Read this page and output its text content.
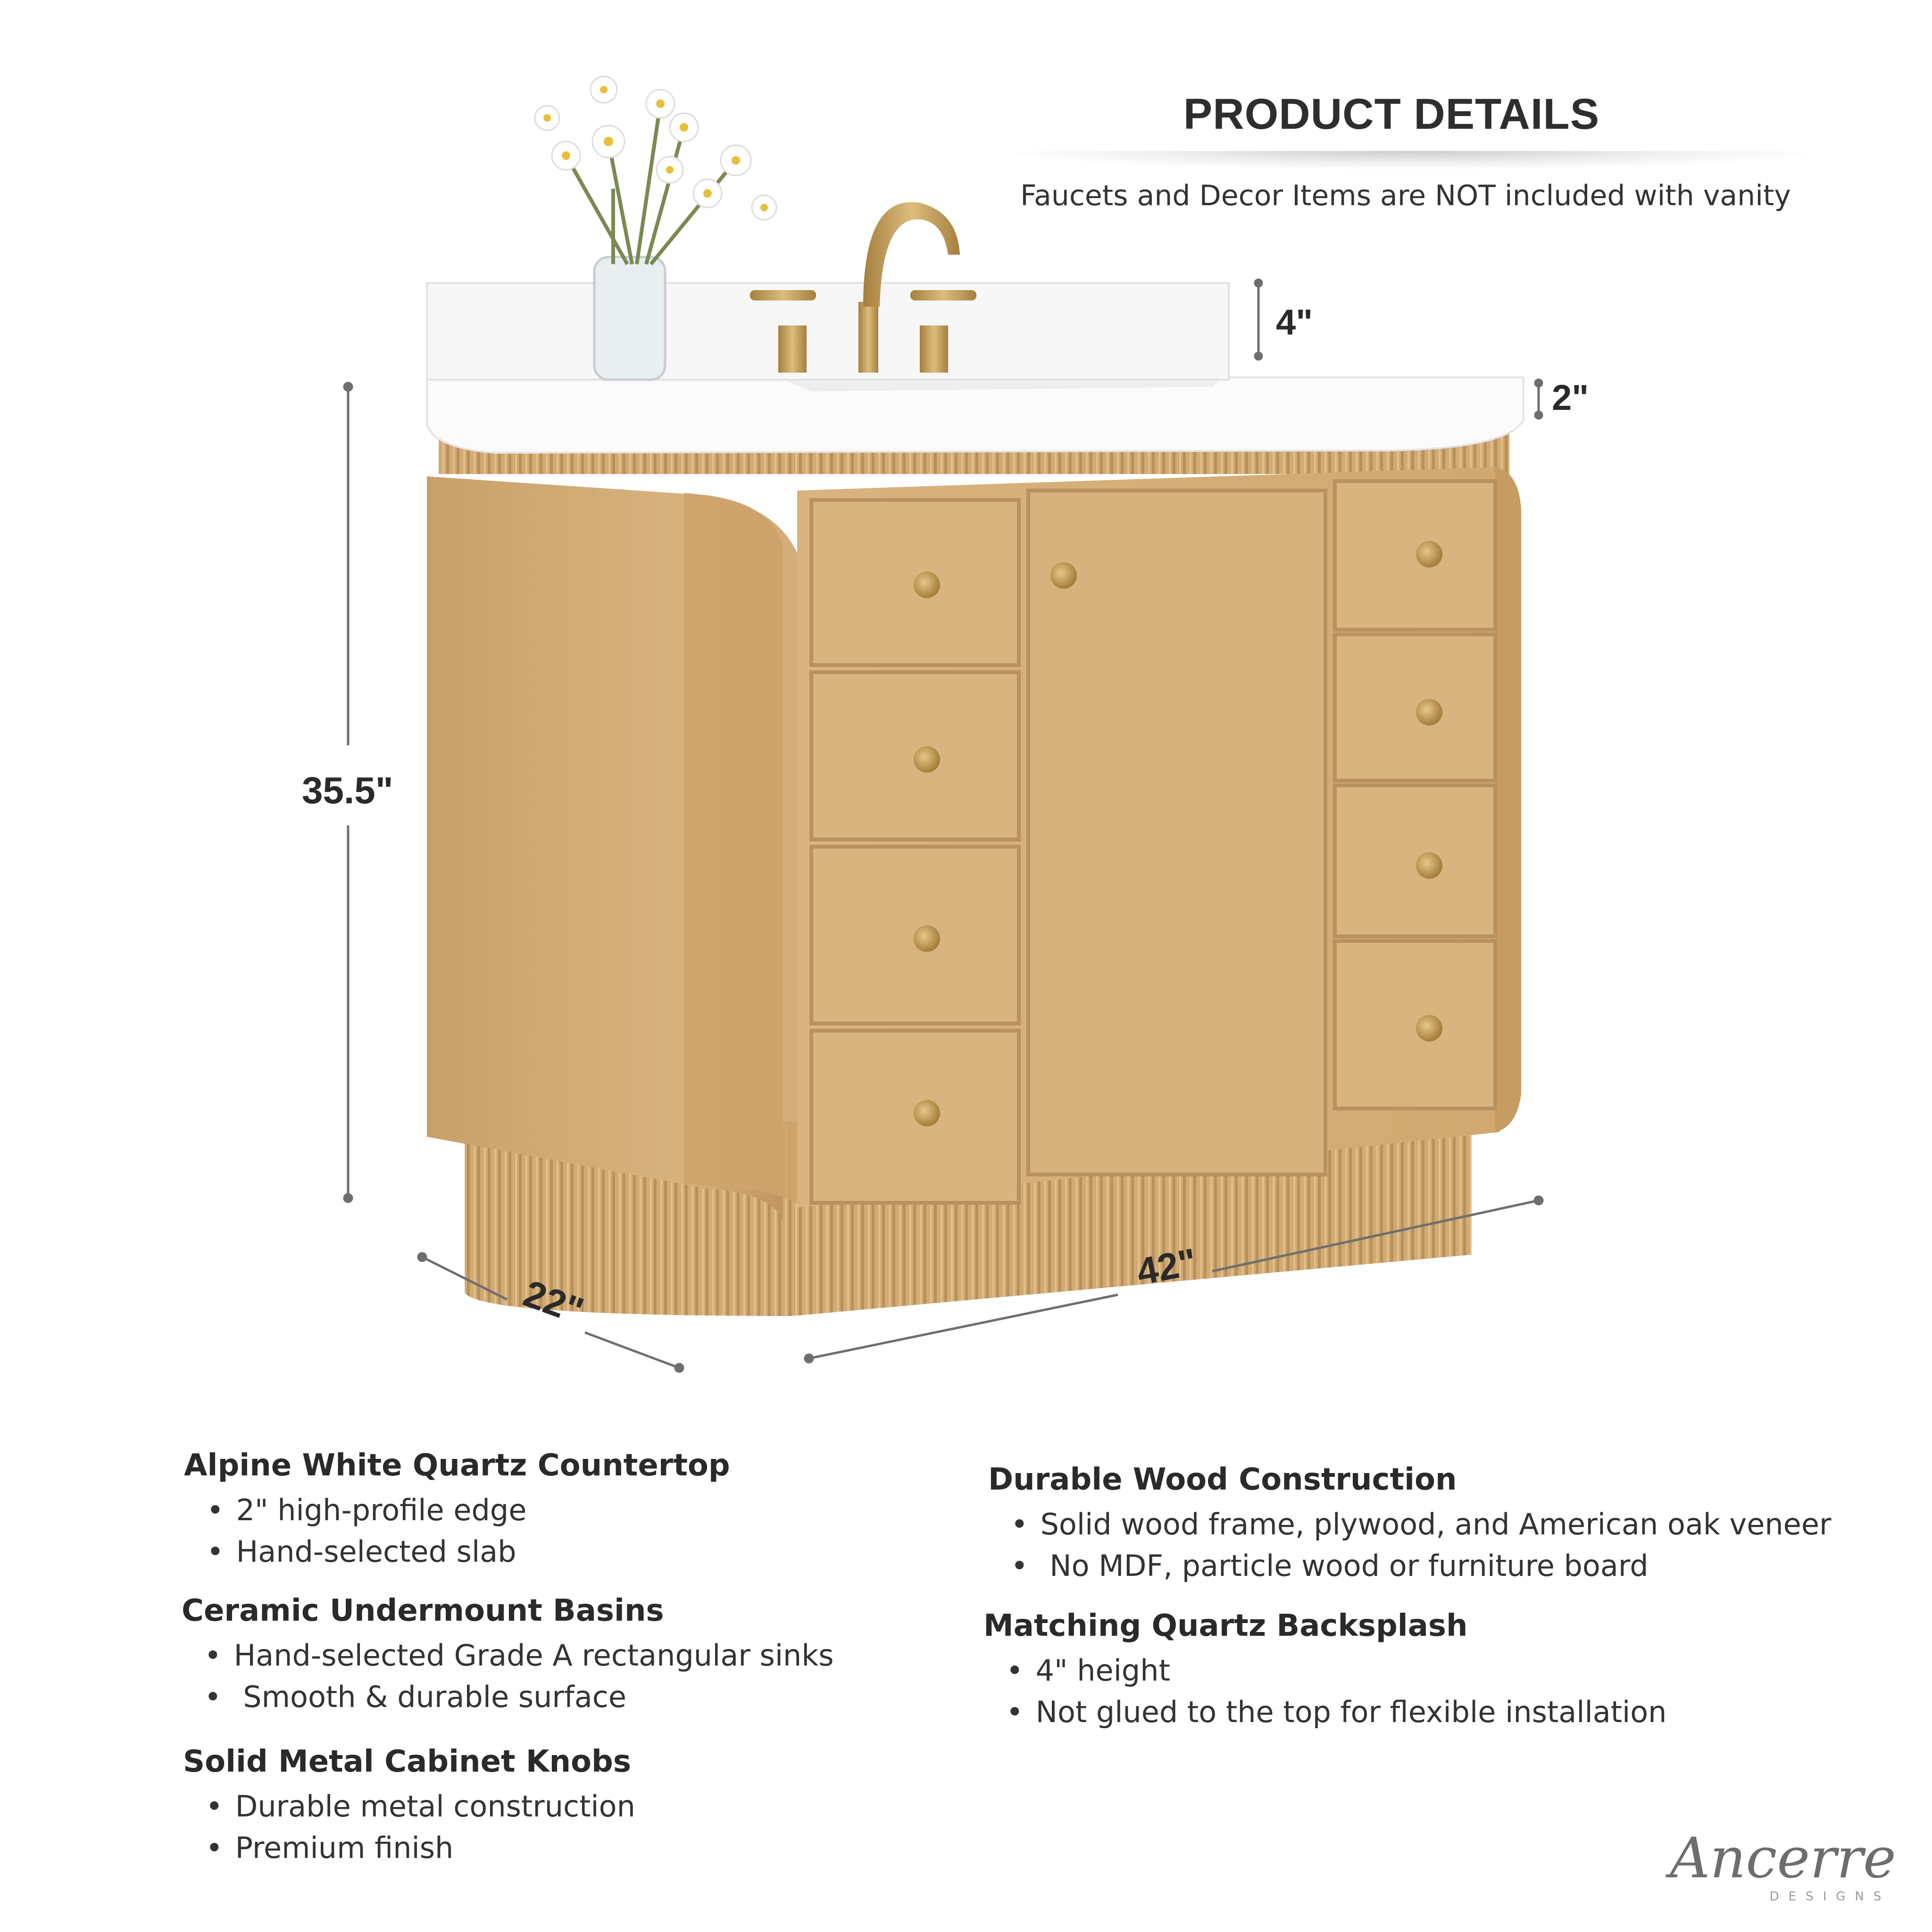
PRODUCT DETAILS
Faucets and Decor Items are NOT included with vanity
4"
2"
35.5"
22"
42"
Alpine White Quartz Countertop
• 2" high-profile edge
• Hand-selected slab
Ceramic Undermount Basins
• Hand-selected Grade A rectangular sinks
• Smooth & durable surface
Solid Metal Cabinet Knobs
• Durable metal construction
• Premium finish
Durable Wood Construction
• Solid wood frame, plywood, and American oak veneer
• No MDF, particle wood or furniture board
Matching Quartz Backsplash
• 4" height
• Not glued to the top for flexible installation
Ancerre
DESIGNS
